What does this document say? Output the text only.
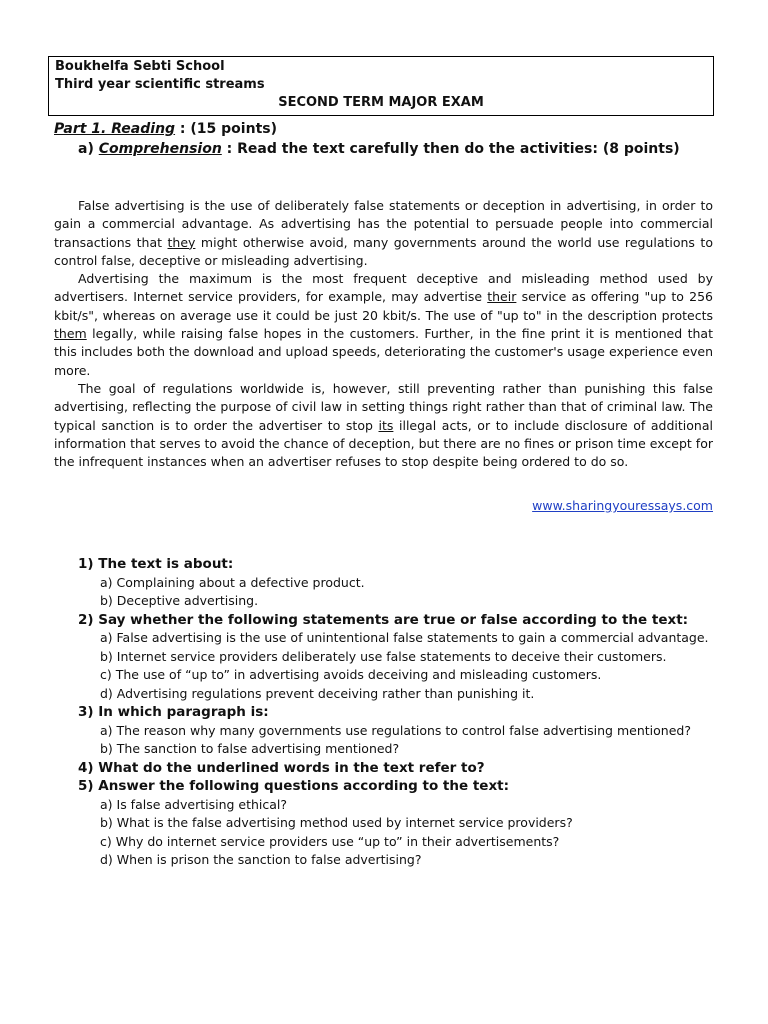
Boukhelfa Sebti School
Third year scientific streams
SECOND TERM MAJOR EXAM
Part 1. Reading : (15 points)
a) Comprehension : Read the text carefully then do the activities: (8 points)

False advertising is the use of deliberately false statements or deception in advertising, in order to gain a commercial advantage. As advertising has the potential to persuade people into commercial transactions that they might otherwise avoid, many governments around the world use regulations to control false, deceptive or misleading advertising.

Advertising the maximum is the most frequent deceptive and misleading method used by advertisers. Internet service providers, for example, may advertise their service as offering "up to 256 kbit/s", whereas on average use it could be just 20 kbit/s. The use of "up to" in the description protects them legally, while raising false hopes in the customers. Further, in the fine print it is mentioned that this includes both the download and upload speeds, deteriorating the customer's usage experience even more.

The goal of regulations worldwide is, however, still preventing rather than punishing this false advertising, reflecting the purpose of civil law in setting things right rather than that of criminal law. The typical sanction is to order the advertiser to stop its illegal acts, or to include disclosure of additional information that serves to avoid the chance of deception, but there are no fines or prison time except for the infrequent instances when an advertiser refuses to stop despite being ordered to do so.

www.sharingyouressays.com

1) The text is about:

a) Complaining about a defective product.

b) Deceptive advertising.

2) Say whether the following statements are true or false according to the text:

a) False advertising is the use of unintentional false statements to gain a commercial advantage.

b) Internet service providers deliberately use false statements to deceive their customers.

c) The use of “up to” in advertising avoids deceiving and misleading customers.

d) Advertising regulations prevent deceiving rather than punishing it.

3) In which paragraph is:

a) The reason why many governments use regulations to control false advertising mentioned?

b) The sanction to false advertising mentioned?

4) What do the underlined words in the text refer to?

5) Answer the following questions according to the text:

a) Is false advertising ethical?

b) What is the false advertising method used by internet service providers?

c) Why do internet service providers use “up to” in their advertisements?

d) When is prison the sanction to false advertising?
